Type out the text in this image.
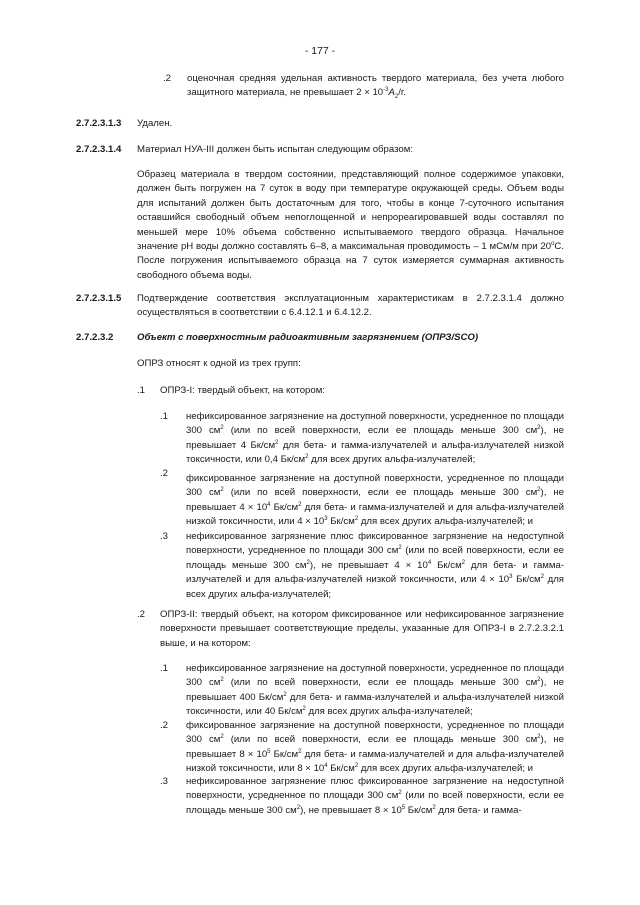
- 177 -
.2 оценочная средняя удельная активность твердого материала, без учета любого защитного материала, не превышает $2 \times 10^{-3}A_2/г$.
2.7.2.3.1.3 Удален.
2.7.2.3.1.4 Материал НУА-III должен быть испытан следующим образом:
Образец материала в твердом состоянии, представляющий полное содержимое упаковки, должен быть погружен на 7 суток в воду при температуре окружающей среды. Объем воды для испытаний должен быть достаточным для того, чтобы в конце 7-суточного испытания оставшийся свободный объем непоглощенной и непрореагировавшей воды составлял по меньшей мере 10% объема собственно испытываемого твердого образца. Начальное значение pH воды должно составлять 6–8, а максимальная проводимость – 1 мСм/м при 20$^o$C. После погружения испытываемого образца на 7 суток измеряется суммарная активность свободного объема воды.
2.7.2.3.1.5 Подтверждение соответствия эксплуатационным характеристикам в 2.7.2.3.1.4 должно осуществляться в соответствии с 6.4.12.1 и 6.4.12.2.
2.7.2.3.2 Объект с поверхностным радиоактивным загрязнением (ОПРЗ/SCO)
ОПРЗ относят к одной из трех групп:
.1 ОПРЗ-I: твердый объект, на котором:
.1 нефиксированное загрязнение на доступной поверхности, усредненное по площади 300 $см^2$ (или по всей поверхности, если ее площадь меньше 300 $см^2$), не превышает 4 $Бк/см^2$ для бета- и гамма-излучателей и альфа-излучателей низкой токсичности, или 0,4 $Бк/см^2$ для всех других альфа-излучателей;
.2 фиксированное загрязнение на доступной поверхности, усредненное по площади 300 $см^2$ (или по всей поверхности, если ее площадь меньше 300 $см^2$), не превышает $4 \times 10^4$ $Бк/см^2$ для бета- и гамма-излучателей и для альфа-излучателей низкой токсичности, или $4 \times 10^3$ $Бк/см^2$ для всех других альфа-излучателей; и
.3 нефиксированное загрязнение плюс фиксированное загрязнение на недоступной поверхности, усредненное по площади 300 $см^2$ (или по всей поверхности, если ее площадь меньше 300 $см^2$), не превышает $4 \times 10^4$ $Бк/см^2$ для бета- и гамма-излучателей и для альфа-излучателей низкой токсичности, или $4 \times 10^3$ $Бк/см^2$ для всех других альфа-излучателей;
.2 ОПРЗ-II: твердый объект, на котором фиксированное или нефиксированное загрязнение поверхности превышает соответствующие пределы, указанные для ОПРЗ-I в 2.7.2.3.2.1 выше, и на котором:
.1 нефиксированное загрязнение на доступной поверхности, усредненное по площади 300 $см^2$ (или по всей поверхности, если ее площадь меньше 300 $см^2$), не превышает 400 $Бк/см^2$ для бета- и гамма-излучателей и альфа-излучателей низкой токсичности, или 40 $Бк/см^2$ для всех других альфа-излучателей;
.2 фиксированное загрязнение на доступной поверхности, усредненное по площади 300 $см^2$ (или по всей поверхности, если ее площадь меньше 300 $см^2$), не превышает $8 \times 10^5$ $Бк/см^2$ для бета- и гамма-излучателей и для альфа-излучателей низкой токсичности, или $8 \times 10^4$ $Бк/см^2$ для всех других альфа-излучателей; и
.3 нефиксированное загрязнение плюс фиксированное загрязнение на недоступной поверхности, усредненное по площади 300 $см^2$ (или по всей поверхности, если ее площадь меньше 300 $см^2$), не превышает $8 \times 10^5$ $Бк/см^2$ для бета- и гамма-
